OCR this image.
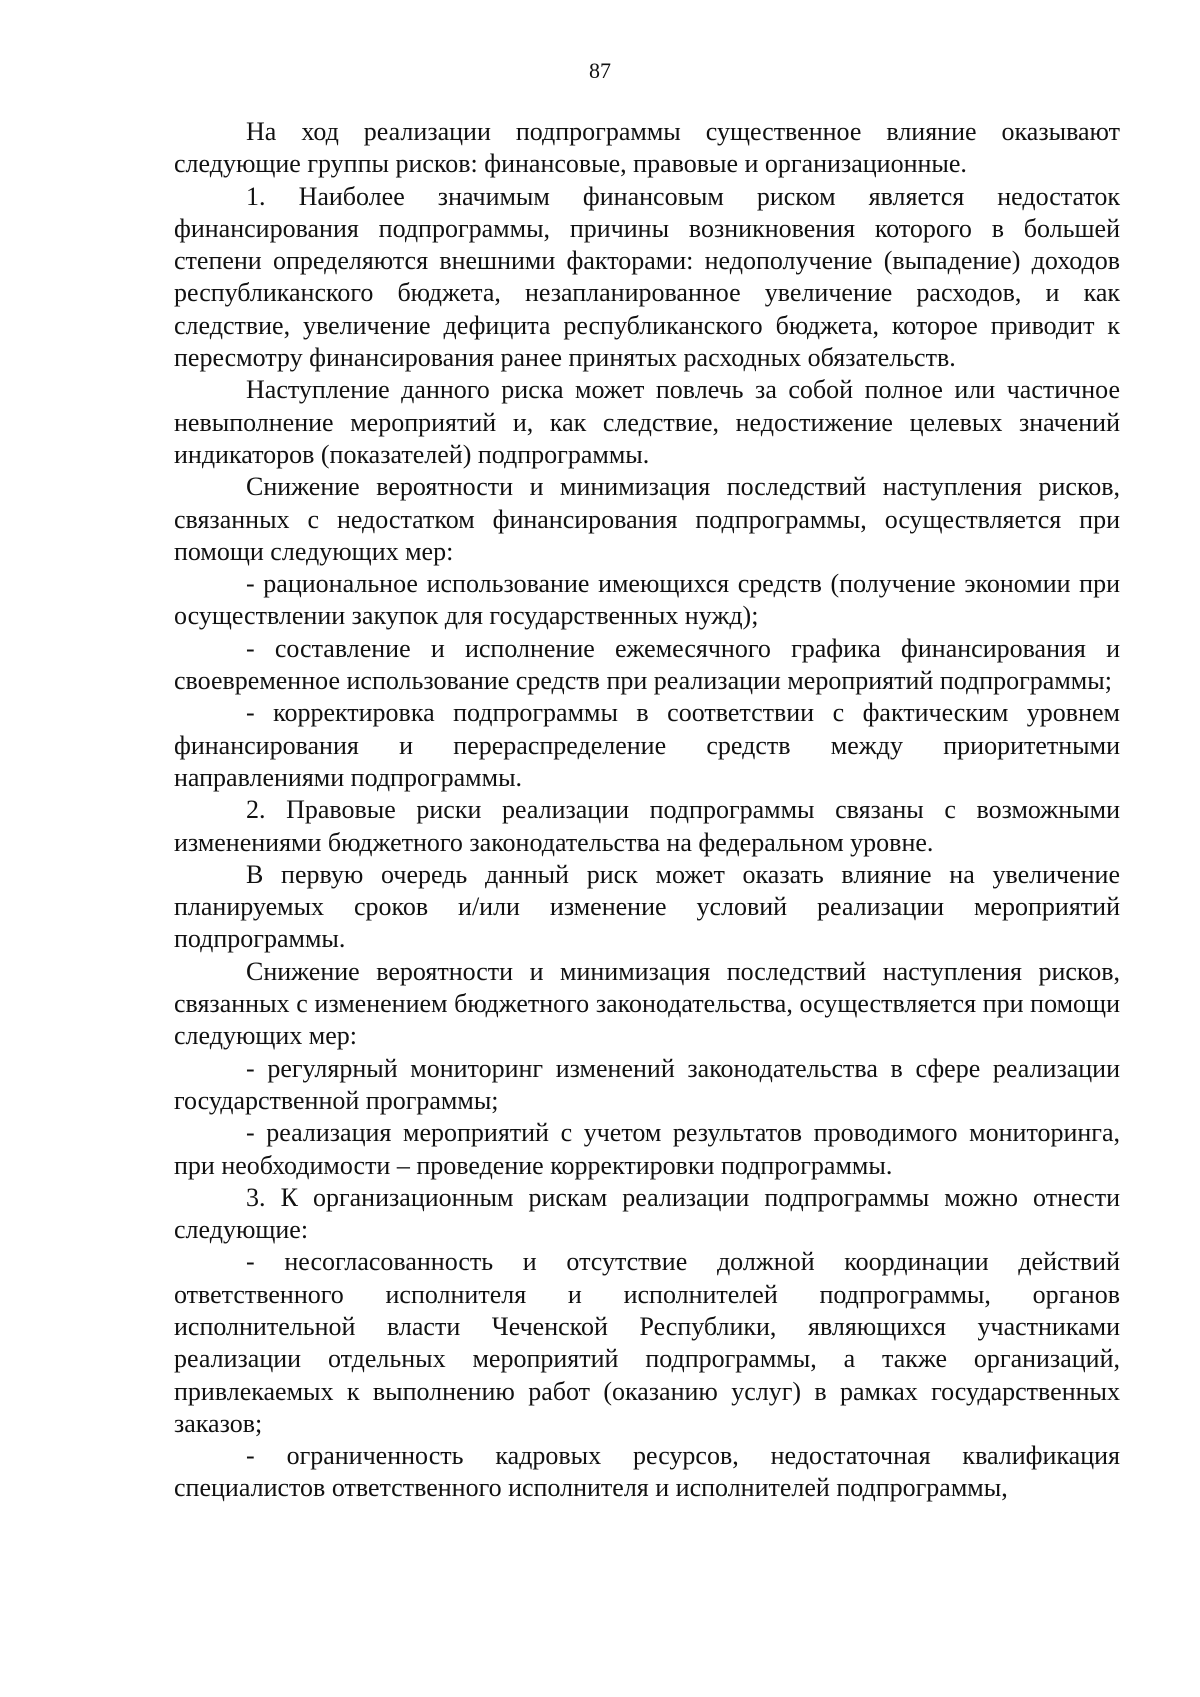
87

На ход реализации подпрограммы существенное влияние оказывают следующие группы рисков: финансовые, правовые и организационные.

1. Наиболее значимым финансовым риском является недостаток финансирования подпрограммы, причины возникновения которого в большей степени определяются внешними факторами: недополучение (выпадение) доходов республиканского бюджета, незапланированное увеличение расходов, и как следствие, увеличение дефицита республиканского бюджета, которое приводит к пересмотру финансирования ранее принятых расходных обязательств.

Наступление данного риска может повлечь за собой полное или частичное невыполнение мероприятий и, как следствие, недостижение целевых значений индикаторов (показателей) подпрограммы.

Снижение вероятности и минимизация последствий наступления рисков, связанных с недостатком финансирования подпрограммы, осуществляется при помощи следующих мер:

- рациональное использование имеющихся средств (получение экономии при осуществлении закупок для государственных нужд);

- составление и исполнение ежемесячного графика финансирования и своевременное использование средств при реализации мероприятий подпрограммы;

- корректировка подпрограммы в соответствии с фактическим уровнем финансирования и перераспределение средств между приоритетными направлениями подпрограммы.

2. Правовые риски реализации подпрограммы связаны с возможными изменениями бюджетного законодательства на федеральном уровне.

В первую очередь данный риск может оказать влияние на увеличение планируемых сроков и/или изменение условий реализации мероприятий подпрограммы.

Снижение вероятности и минимизация последствий наступления рисков, связанных с изменением бюджетного законодательства, осуществляется при помощи следующих мер:

- регулярный мониторинг изменений законодательства в сфере реализации государственной программы;

- реализация мероприятий с учетом результатов проводимого мониторинга, при необходимости – проведение корректировки подпрограммы.

3. К организационным рискам реализации подпрограммы можно отнести следующие:

- несогласованность и отсутствие должной координации действий ответственного исполнителя и исполнителей подпрограммы, органов исполнительной власти Чеченской Республики, являющихся участниками реализации отдельных мероприятий подпрограммы, а также организаций, привлекаемых к выполнению работ (оказанию услуг) в рамках государственных заказов;

- ограниченность кадровых ресурсов, недостаточная квалификация специалистов ответственного исполнителя и исполнителей подпрограммы,
